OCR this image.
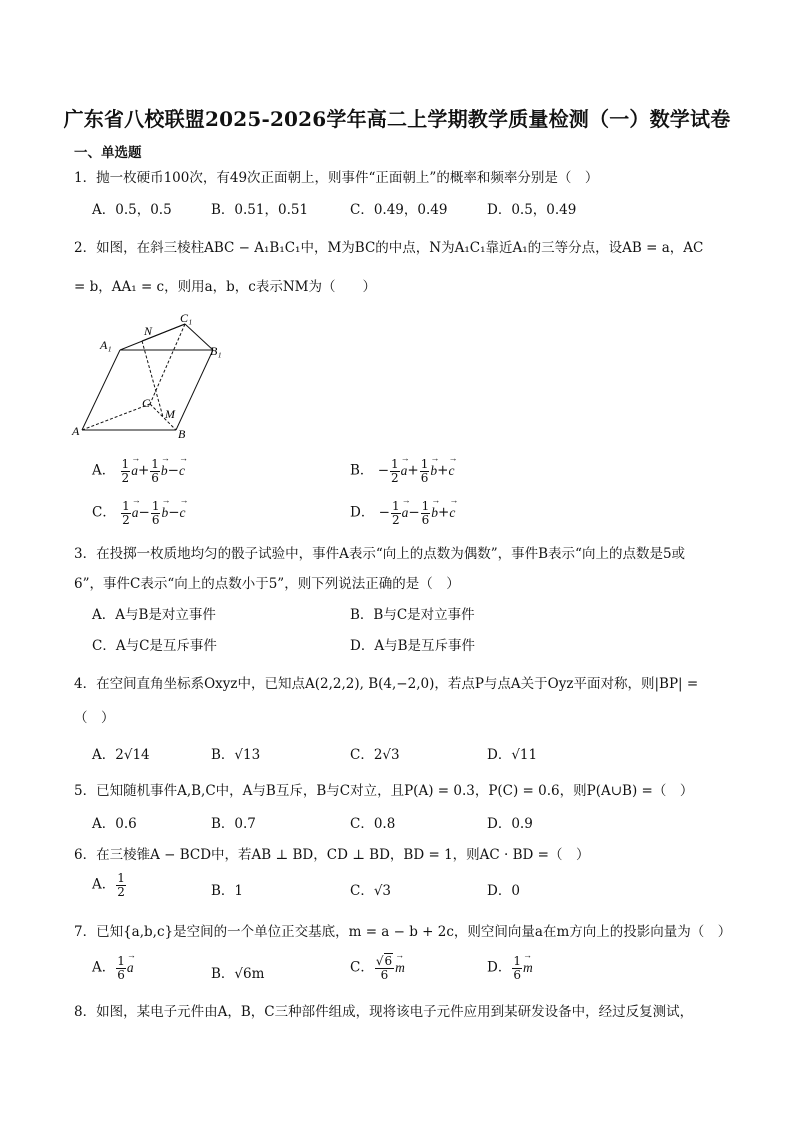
广东省八校联盟2025-2026学年高二上学期教学质量检测（一）数学试卷
一、单选题
1．抛一枚硬币100次，有49次正面朝上，则事件“正面朝上”的概率和频率分别是（　）
A．0.5，0.5	B．0.51，0.51	C．0.49，0.49	D．0.5，0.49
2．如图，在斜三棱柱ABC − A₁B₁C₁中，M为BC的中点，N为A₁C₁靠近A₁的三等分点，设AB = a，AC
= b，AA₁ = c，则用a，b，c表示NM为（　　）
N
C₁
A₁	B₁
C
M
A	B
A． $\frac{1}{2}$
→ $a+ \frac{1}{6}$
→ b−→ c	B． − $\frac{1}{2}$
→ $a+ \frac{1}{6}$
→ b+→ c
C． $\frac{1}{2}$
→ $a- \frac{1}{6}$
→ b−→ c	D． − $\frac{1}{2}$
→ $a- \frac{1}{6}$
→ b+→ c
3．在投掷一枚质地均匀的骰子试验中，事件A表示“向上的点数为偶数”，事件B表示“向上的点数是5或
6”，事件C表示“向上的点数小于5”，则下列说法正确的是（　）
A．A与B是对立事件	B．B与C是对立事件
C．A与C是互斥事件	D．A与B是互斥事件
4．在空间直角坐标系Oxyz中，已知点A(2,2,2), B(4,−2,0)，若点P与点A关于Oyz平面对称，则|BP| =
（　）
A．2√14	B．√13	C．2√3	D．√11
5．已知随机事件A,B,C中，A与B互斥，B与C对立，且P(A) = 0.3，P(C) = 0.6，则P(A∪B) =（　）
A．0.6	B．0.7	C．0.8	D．0.9
6．在三棱锥A − BCD中，若AB ⊥ BD，CD ⊥ BD，BD = 1，则AC · BD =（　）
A． $\frac{1}{2}$	B．1	C．√3	D．0
7．已知{a,b,c}是空间的一个单位正交基底，m = a − b + 2c，则空间向量a在m方向上的投影向量为（　）
A． $\frac{1}{6}$
→ a	B．√6m	C． $\frac{√6}{6}$
→ m	D． $\frac{1}{6}$
→ m
8．如图，某电子元件由A，B，C三种部件组成，现将该电子元件应用到某研发设备中，经过反复测试，
